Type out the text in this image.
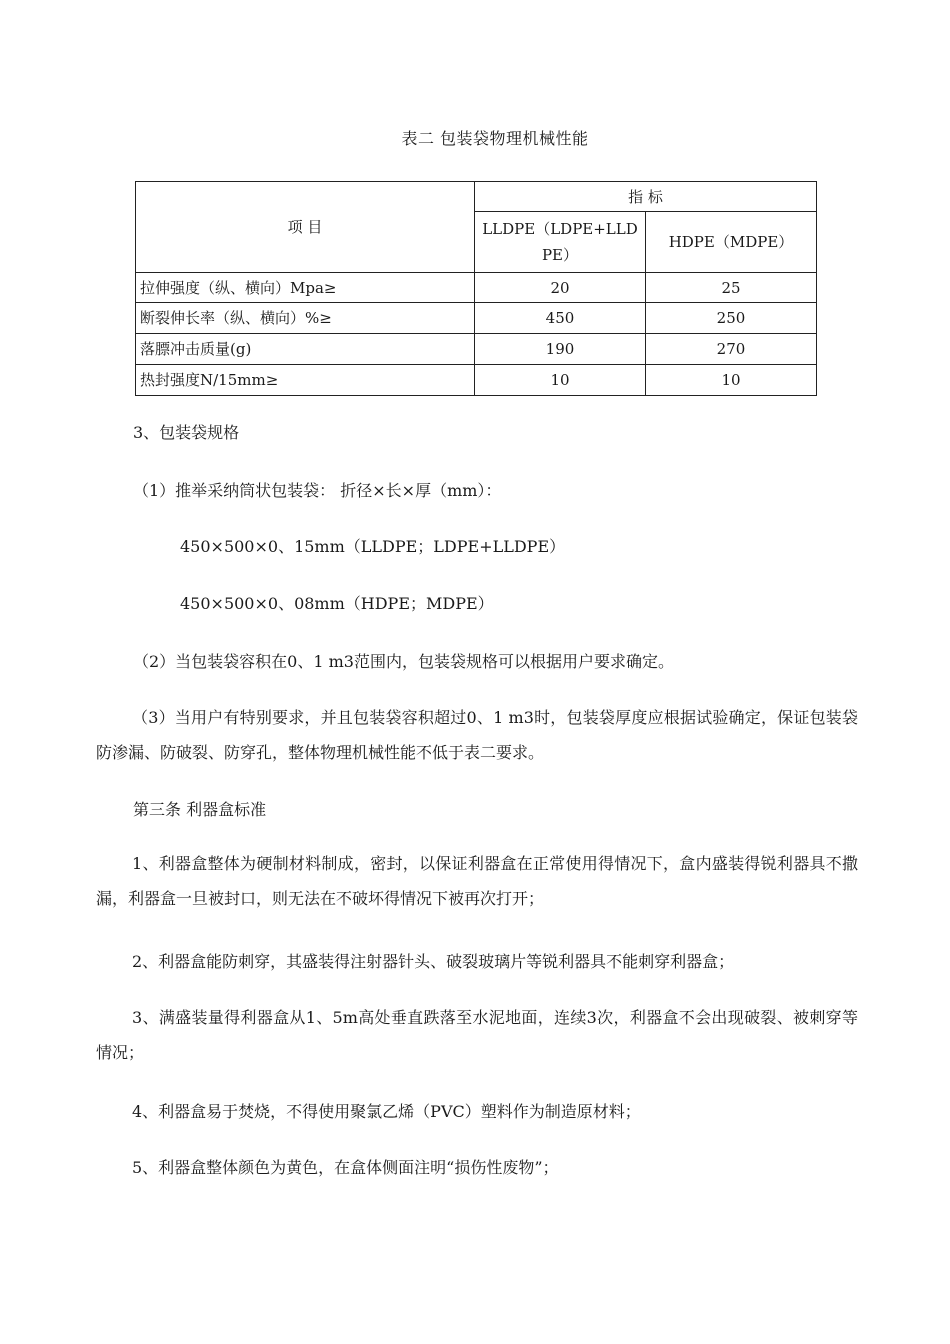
表二 包装袋物理机械性能
项 目	指 标	
	LLDPE（LDPE+LLDPE）	HDPE（MDPE）
拉伸强度（纵、横向）Mpa≥	20	25
断裂伸长率（纵、横向）%≥	450	250
落膘冲击质量(g)	190	270
热封强度N/15mm≥	10	10
3、包装袋规格
（1）推举采纳筒状包装袋： 折径×长×厚（mm）：
450×500×0、15mm（LLDPE；LDPE+LLDPE）
450×500×0、08mm（HDPE；MDPE）
（2）当包装袋容积在0、1 m3范围内，包装袋规格可以根据用户要求确定。
（3）当用户有特别要求，并且包装袋容积超过0、1 m3时，包装袋厚度应根据试验确定，保证包装袋防渗漏、防破裂、防穿孔，整体物理机械性能不低于表二要求。
第三条 利器盒标准
1、利器盒整体为硬制材料制成，密封，以保证利器盒在正常使用得情况下，盒内盛装得锐利器具不撒漏，利器盒一旦被封口，则无法在不破坏得情况下被再次打开；
2、利器盒能防刺穿，其盛装得注射器针头、破裂玻璃片等锐利器具不能刺穿利器盒；
3、满盛装量得利器盒从1、5m高处垂直跌落至水泥地面，连续3次，利器盒不会出现破裂、被刺穿等情况；
4、利器盒易于焚烧，不得使用聚氯乙烯（PVC）塑料作为制造原材料；
5、利器盒整体颜色为黄色，在盒体侧面注明“损伤性废物”；
